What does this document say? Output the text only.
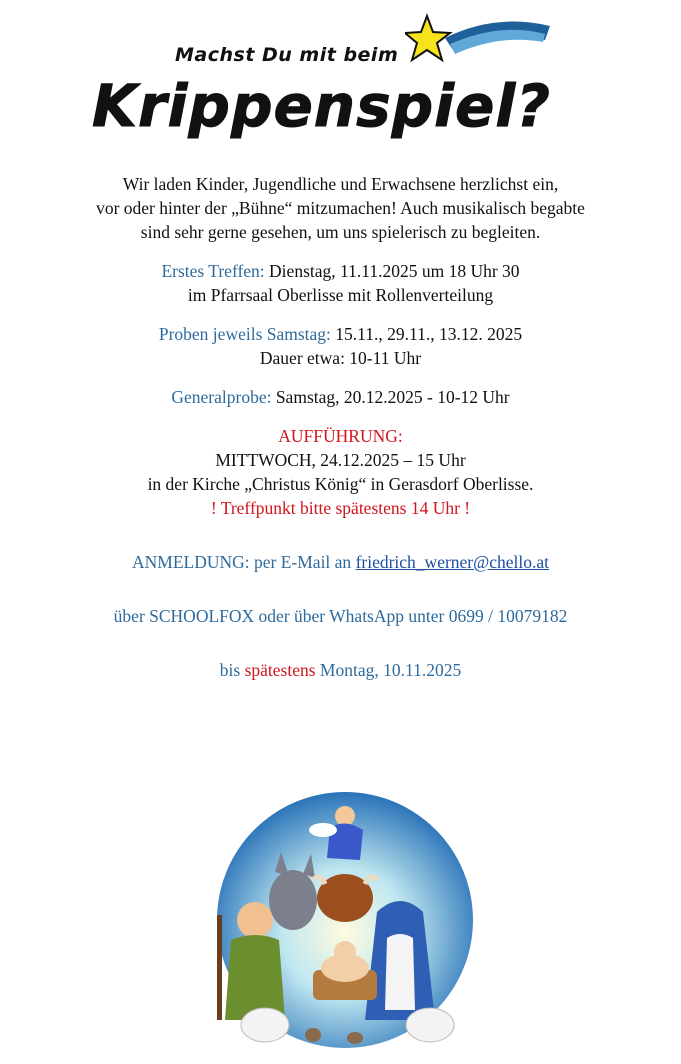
Machst Du mit beim
Krippenspiel?

Wir laden Kinder, Jugendliche und Erwachsene herzlichst ein,

vor oder hinter der „Bühne“ mitzumachen! Auch musikalisch begabte

sind sehr gerne gesehen, um uns spielerisch zu begleiten.

Erstes Treffen: Dienstag, 11.11.2025 um 18 Uhr 30

im Pfarrsaal Oberlisse mit Rollenverteilung

Proben jeweils Samstag: 15.11., 29.11., 13.12. 2025

Dauer etwa: 10-11 Uhr

Generalprobe: Samstag, 20.12.2025 - 10-12 Uhr

AUFFÜHRUNG:

MITTWOCH, 24.12.2025 – 15 Uhr

in der Kirche „Christus König“ in Gerasdorf Oberlisse.

! Treffpunkt bitte spätestens 14 Uhr !

ANMELDUNG: per E-Mail an friedrich_werner@chello.at

über SCHOOLFOX oder über WhatsApp unter 0699 / 10079182

bis spätestens Montag, 10.11.2025
